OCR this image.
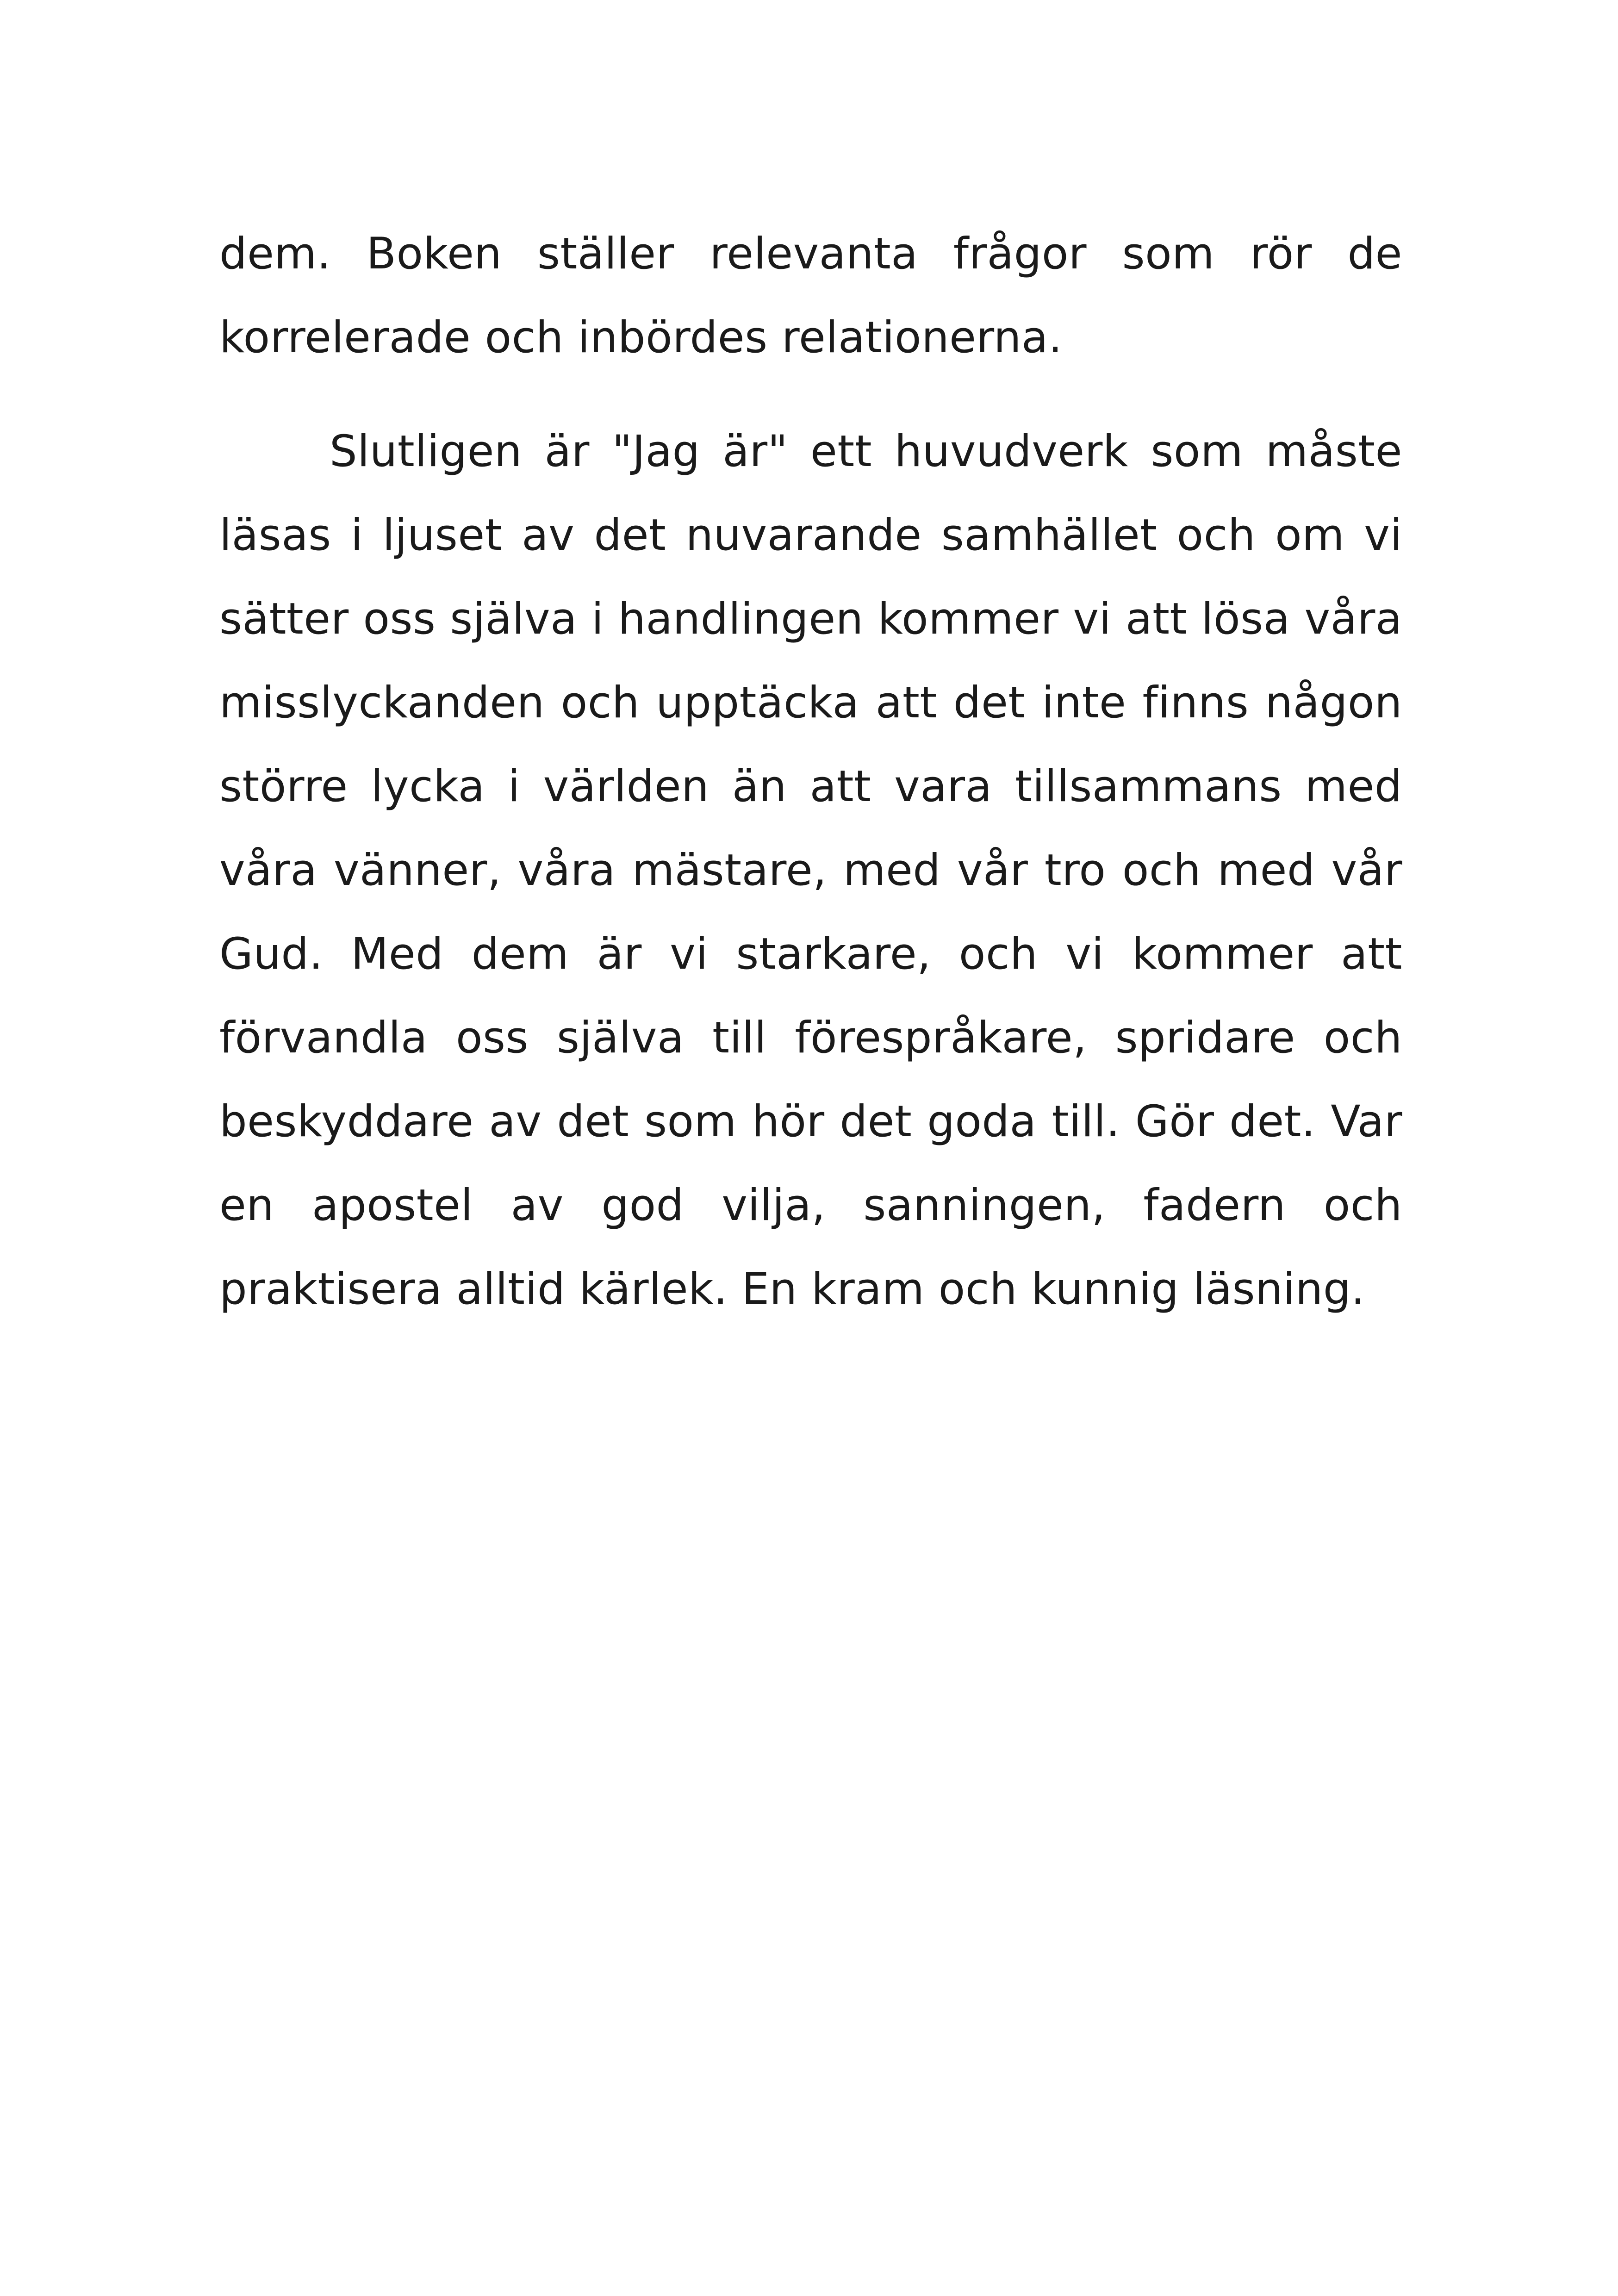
dem. Boken ställer relevanta frågor som rör de korrelerade och inbördes relationerna.

Slutligen är "Jag är" ett huvudverk som måste läsas i ljuset av det nuvarande samhället och om vi sätter oss själva i handlingen kommer vi att lösa våra misslyckanden och upptäcka att det inte finns någon större lycka i världen än att vara tillsammans med våra vänner, våra mästare, med vår tro och med vår Gud. Med dem är vi starkare, och vi kommer att förvandla oss själva till förespråkare, spridare och beskyddare av det som hör det goda till. Gör det. Var en apostel av god vilja, sanningen, fadern och praktisera alltid kärlek. En kram och kunnig läsning.
